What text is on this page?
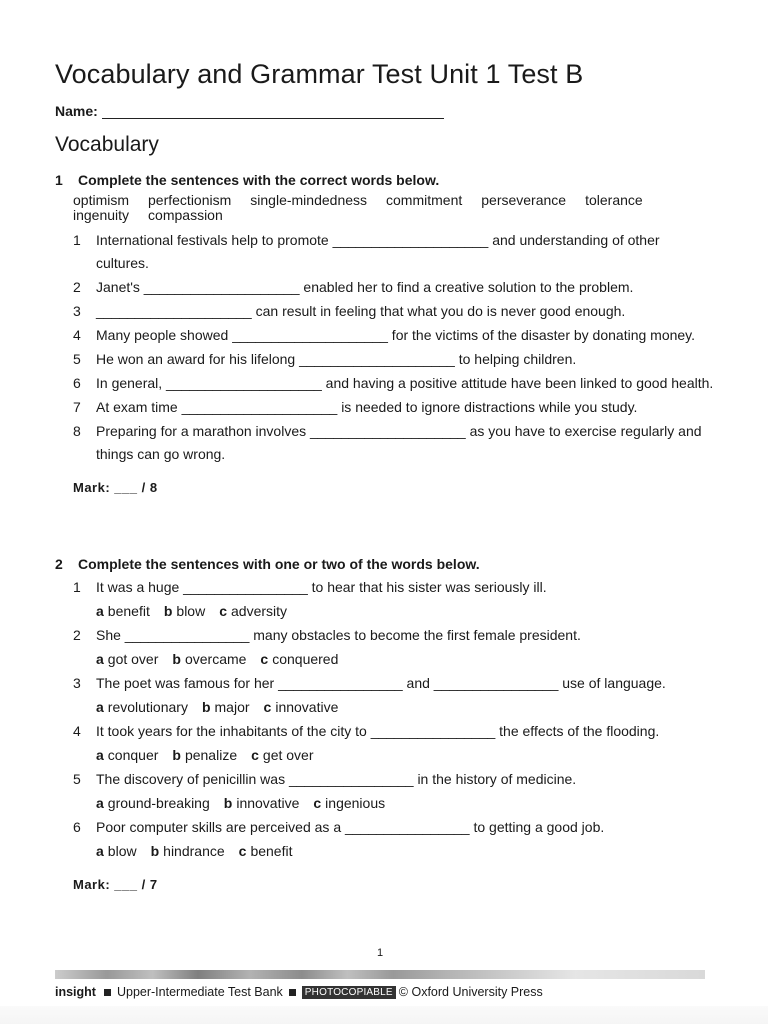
Vocabulary and Grammar Test Unit 1 Test B
Name:
Vocabulary
1	Complete the sentences with the correct words below.
optimism perfectionism single-mindedness commitment perseverance tolerance
ingenuity compassion
1	International festivals help to promote ____________________ and understanding of other cultures.
2	Janet's ____________________ enabled her to find a creative solution to the problem.
3	____________________ can result in feeling that what you do is never good enough.
4	Many people showed ____________________ for the victims of the disaster by donating money.
5	He won an award for his lifelong ____________________ to helping children.
6	In general, ____________________ and having a positive attitude have been linked to good health.
7	At exam time ____________________ is needed to ignore distractions while you study.
8	Preparing for a marathon involves ____________________ as you have to exercise regularly and things can go wrong.
Mark: ___ / 8
2	Complete the sentences with one or two of the words below.
1	It was a huge ________________ to hear that his sister was seriously ill.
a benefit b blow c adversity
2	She ________________ many obstacles to become the first female president.
a got over b overcame c conquered
3	The poet was famous for her ________________ and ________________ use of language.
a revolutionary b major c innovative
4	It took years for the inhabitants of the city to ________________ the effects of the flooding.
a conquer b penalize c get over
5	The discovery of penicillin was ________________ in the history of medicine.
a ground-breaking b innovative c ingenious
6	Poor computer skills are perceived as a ________________ to getting a good job.
a blow b hindrance c benefit
Mark: ___ / 7
1
insight Upper-Intermediate Test Bank	PHOTOCOPIABLE © Oxford University Press
